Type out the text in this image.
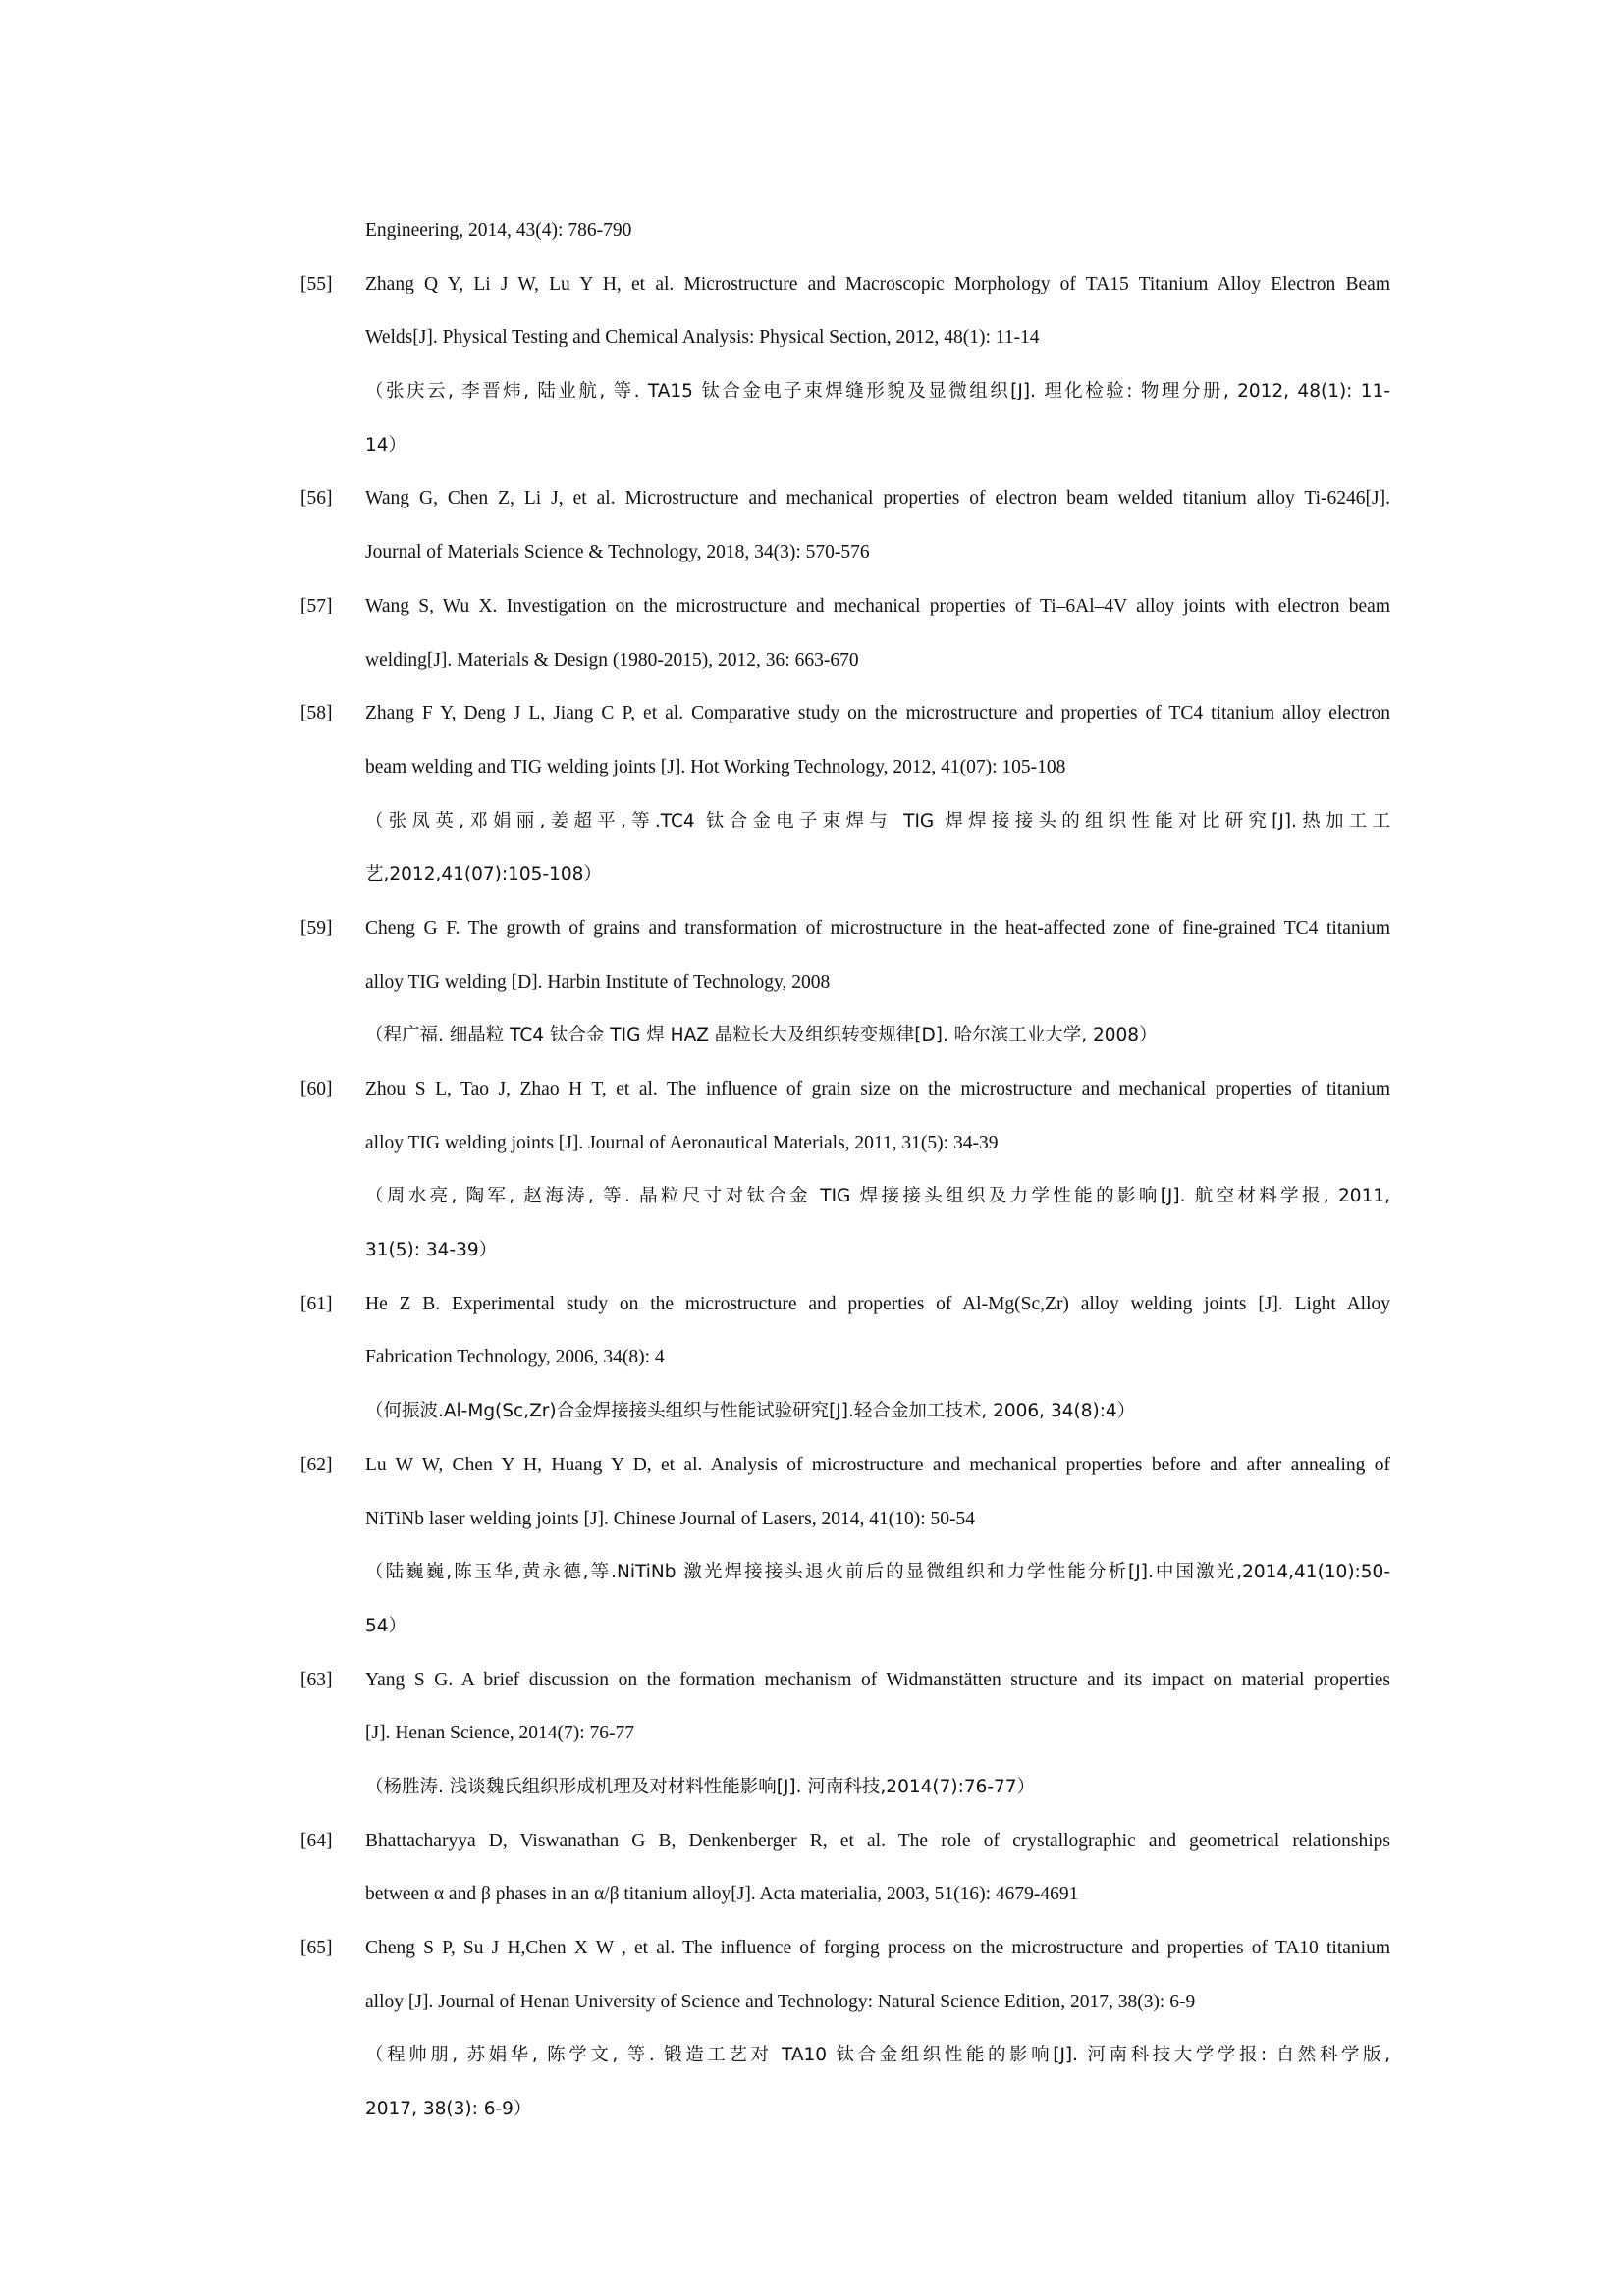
Engineering, 2014, 43(4): 786-790
[55] Zhang Q Y, Li J W, Lu Y H, et al. Microstructure and Macroscopic Morphology of TA15 Titanium Alloy Electron Beam
Welds[J]. Physical Testing and Chemical Analysis: Physical Section, 2012, 48(1): 11-14
（张庆云, 李晋炜, 陆业航, 等. TA15 钛合金电子束焊缝形貌及显微组织[J]. 理化检验: 物理分册, 2012, 48(1): 11-
14）
[56] Wang G, Chen Z, Li J, et al. Microstructure and mechanical properties of electron beam welded titanium alloy Ti-6246[J].
Journal of Materials Science & Technology, 2018, 34(3): 570-576
[57] Wang S, Wu X. Investigation on the microstructure and mechanical properties of Ti–6Al–4V alloy joints with electron beam
welding[J]. Materials & Design (1980-2015), 2012, 36: 663-670
[58] Zhang F Y, Deng J L, Jiang C P, et al. Comparative study on the microstructure and properties of TC4 titanium alloy electron
beam welding and TIG welding joints [J]. Hot Working Technology, 2012, 41(07): 105-108
（张凤英,邓娟丽,姜超平,等.TC4 钛合金电子束焊与 TIG 焊焊接接头的组织性能对比研究[J].热加工工
艺,2012,41(07):105-108）
[59] Cheng G F. The growth of grains and transformation of microstructure in the heat-affected zone of fine-grained TC4 titanium
alloy TIG welding [D]. Harbin Institute of Technology, 2008
（程广福. 细晶粒 TC4 钛合金 TIG 焊 HAZ 晶粒长大及组织转变规律[D]. 哈尔滨工业大学, 2008）
[60] Zhou S L, Tao J, Zhao H T, et al. The influence of grain size on the microstructure and mechanical properties of titanium
alloy TIG welding joints [J]. Journal of Aeronautical Materials, 2011, 31(5): 34-39
（周水亮, 陶军, 赵海涛, 等. 晶粒尺寸对钛合金 TIG 焊接接头组织及力学性能的影响[J]. 航空材料学报, 2011,
31(5): 34-39）
[61] He Z B. Experimental study on the microstructure and properties of Al-Mg(Sc,Zr) alloy welding joints [J]. Light Alloy
Fabrication Technology, 2006, 34(8): 4
（何振波.Al-Mg(Sc,Zr)合金焊接接头组织与性能试验研究[J].轻合金加工技术, 2006, 34(8):4）
[62] Lu W W, Chen Y H, Huang Y D, et al. Analysis of microstructure and mechanical properties before and after annealing of
NiTiNb laser welding joints [J]. Chinese Journal of Lasers, 2014, 41(10): 50-54
（陆巍巍,陈玉华,黄永德,等.NiTiNb 激光焊接接头退火前后的显微组织和力学性能分析[J].中国激光,2014,41(10):50-
54）
[63] Yang S G. A brief discussion on the formation mechanism of Widmanstätten structure and its impact on material properties
[J]. Henan Science, 2014(7): 76-77
（杨胜涛. 浅谈魏氏组织形成机理及对材料性能影响[J]. 河南科技,2014(7):76-77）
[64] Bhattacharyya D, Viswanathan G B, Denkenberger R, et al. The role of crystallographic and geometrical relationships
between α and β phases in an α/β titanium alloy[J]. Acta materialia, 2003, 51(16): 4679-4691
[65] Cheng S P, Su J H,Chen X W , et al. The influence of forging process on the microstructure and properties of TA10 titanium
alloy [J]. Journal of Henan University of Science and Technology: Natural Science Edition, 2017, 38(3): 6-9
（程帅朋, 苏娟华, 陈学文, 等. 锻造工艺对 TA10 钛合金组织性能的影响[J]. 河南科技大学学报: 自然科学版,
2017, 38(3): 6-9）
